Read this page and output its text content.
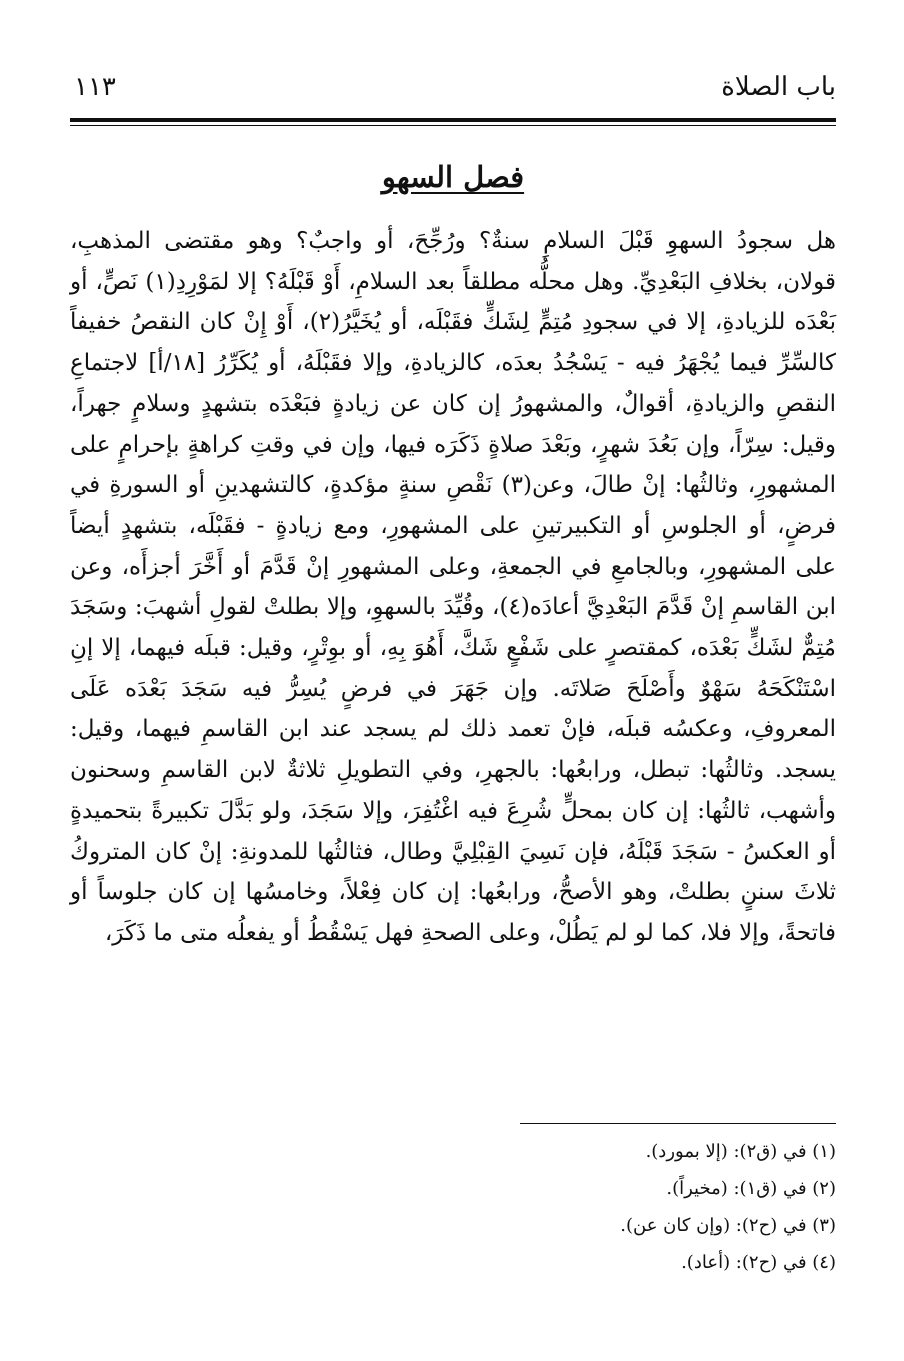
باب الصلاة
١١٣
فصل السهو

هل سجودُ السهوِ قَبْلَ السلامِ سنةٌ؟ ورُجِّحَ، أو واجبٌ؟ وهو مقتضى المذهبِ، قولان، بخلافِ البَعْدِيِّ. وهل محلُّه مطلقاً بعد السلامِ، أَوْ قَبْلَهُ؟ إلا لمَوْرِدِ(١) نَصٍّ، أو بَعْدَه للزيادةِ، إلا في سجودِ مُتِمٍّ لِشَكٍّ فقَبْلَه، أو يُخَيَّرُ(٢)، أَوْ إِنْ كان النقصُ خفيفاً كالسِّرِّ فيما يُجْهَرُ فيه - يَسْجُدُ بعدَه، كالزيادةِ، وإلا فقَبْلَهُ، أو يُكَرِّرُ [١٨/أ] لاجتماعِ النقصِ والزيادةِ، أقوالٌ، والمشهورُ إن كان عن زيادةٍ فبَعْدَه بتشهدٍ وسلامٍ جهراً، وقيل: سِرّاً، وإن بَعُدَ شهرٍ، وبَعْدَ صلاةٍ ذَكَرَه فيها، وإن في وقتِ كراهةٍ بإحرامٍ على المشهورِ، وثالثُها: إنْ طالَ، وعن(٣) نَقْصِ سنةٍ مؤكدةٍ، كالتشهدينِ أو السورةِ في فرضٍ، أو الجلوسِ أو التكبيرتينِ على المشهورِ، ومع زيادةٍ - فقَبْلَه، بتشهدٍ أيضاً على المشهورِ، وبالجامعِ في الجمعةِ، وعلى المشهورِ إنْ قَدَّمَ أو أَخَّرَ أجزأَه، وعن ابن القاسمِ إنْ قَدَّمَ البَعْدِيَّ أعادَه(٤)، وقُيِّدَ بالسهوِ، وإلا بطلتْ لقولِ أشهبَ: وسَجَدَ مُتِمٌّ لشَكٍّ بَعْدَه، كمقتصرٍ على شَفْعٍ شَكَّ، أَهُوَ بِهِ، أو بوِتْرٍ، وقيل: قبلَه فيهما، إلا إنِ اسْتَنْكَحَهُ سَهْوٌ وأَصْلَحَ صَلاتَه. وإن جَهَرَ في فرضٍ يُسِرُّ فيه سَجَدَ بَعْدَه عَلَى المعروفِ، وعكسُه قبلَه، فإنْ تعمد ذلك لم يسجد عند ابن القاسمِ فيهما، وقيل: يسجد. وثالثُها: تبطل، ورابعُها: بالجهرِ، وفي التطويلِ ثلاثةٌ لابن القاسمِ وسحنون وأشهب، ثالثُها: إن كان بمحلٍّ شُرِعَ فيه اغْتُفِرَ، وإلا سَجَدَ، ولو بَدَّلَ تكبيرةً بتحميدةٍ أو العكسُ - سَجَدَ قَبْلَهُ، فإن نَسِيَ القِبْلِيَّ وطال، فثالثُها للمدونةِ: إنْ كان المتروكُ ثلاثَ سننٍ بطلتْ، وهو الأصحُّ، ورابعُها: إن كان فِعْلاً، وخامسُها إن كان جلوساً أو فاتحةً، وإلا فلا، كما لو لم يَطُلْ، وعلى الصحةِ فهل يَسْقُطُ أو يفعلُه متى ما ذَكَرَ،

(١) في (ق٢): (إلا بمورد).
(٢) في (ق١): (مخيراً).
(٣) في (ح٢): (وإن كان عن).
(٤) في (ح٢): (أعاد).
